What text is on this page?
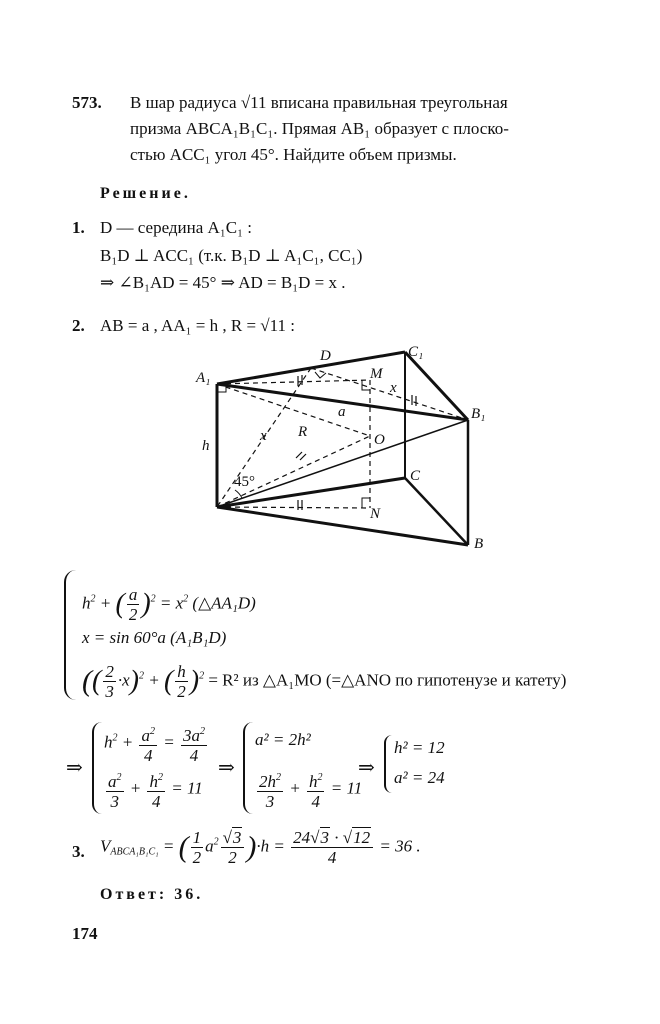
573. В шар радиуса √11 вписана правильная треугольная
призма ABCA₁B₁C₁. Прямая AB₁ образует с плоско-
стью ACC₁ угол 45°. Найдите объем призмы.
Решение.
1. D — середина A₁C₁ :
B₁D ⊥ ACC₁ (т.к. B₁D ⊥ A₁C₁, CC₁)
⇒ ∠B₁AD = 45° ⇒ AD = B₁D = x .
2. AB = a , AA₁ = h , R = √11 :
A₁
D	C₁
M
x
a	B₁
R	O
x
h
45°	C
N
B
$h^2$ + ( $\frac{a}{2} )^2 = x^2$ (△AA₁D)
x = sin 60°a (A₁B₁D)
(( $\frac{2}{3} \cdot x)^2$ + ( $\frac{h}{2} )^2 = R^2$ из △A₁MO (=△ANO по гипотенузе и катету)
⇒
$h^2 + \frac{a^2}{4} = \frac{3a^2}{4}$
$\frac{a^2}{3} + \frac{h^2}{4} = 11$
⇒
a² = 2h²
$\frac{2h^2}{3} + \frac{h^2}{4} = 11$
⇒
h² = 12
a² = 24
3. $V_{ABCA_1B_1C_1}$ = ( $\frac{1}{2} a^2 \frac{√3}{2} )\cdot h = \frac{24√3 \cdot √12}{4} = 36$ .
Ответ: 36.
174
